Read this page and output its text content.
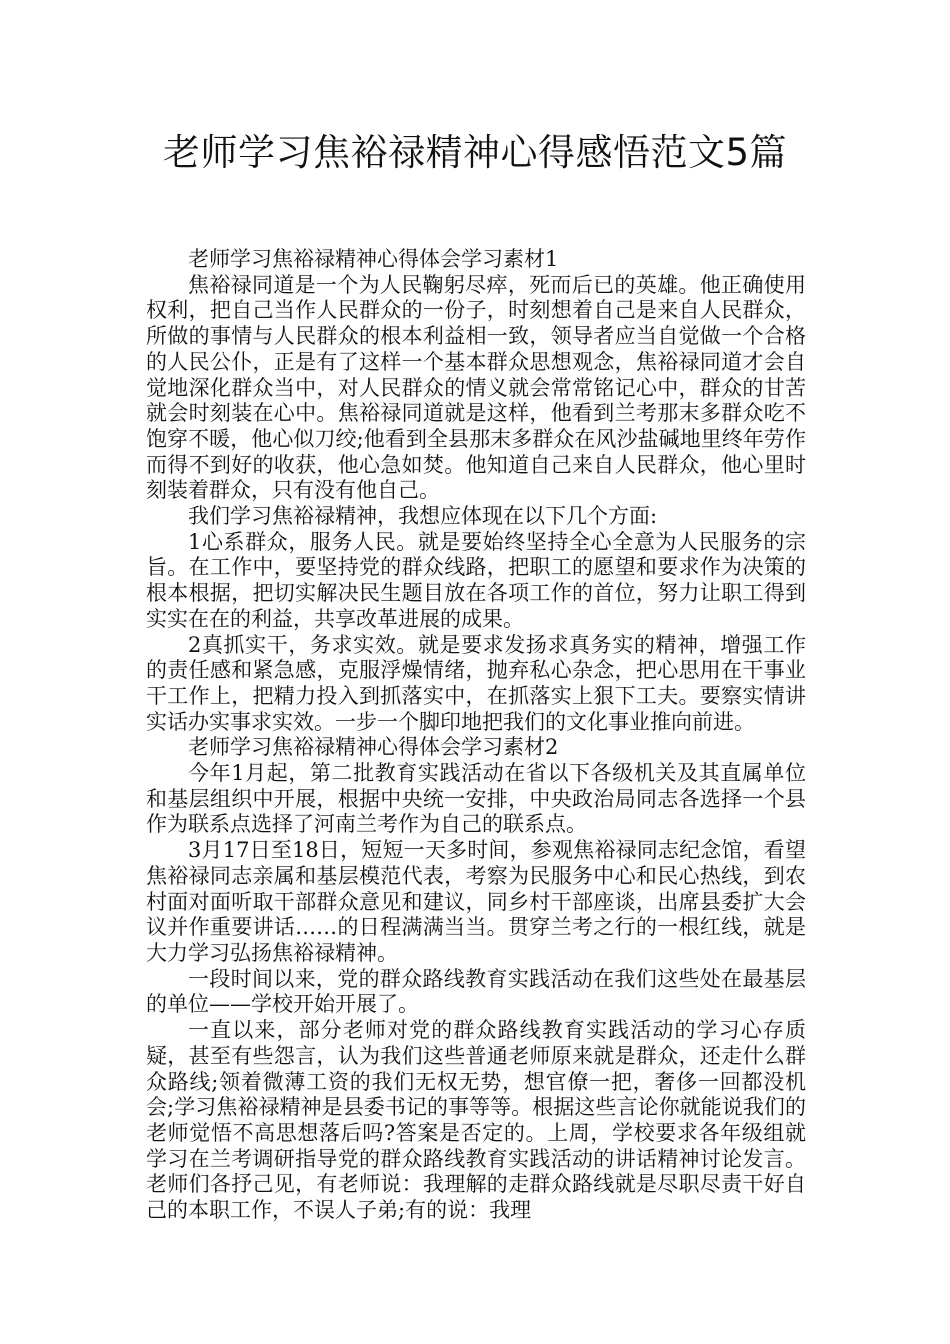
老师学习焦裕禄精神心得感悟范文5篇

老师学习焦裕禄精神心得体会学习素材1

焦裕禄同道是一个为人民鞠躬尽瘁，死而后已的英雄。他正确使用权利，把自己当作人民群众的一份子，时刻想着自己是来自人民群众，所做的事情与人民群众的根本利益相一致，领导者应当自觉做一个合格的人民公仆，正是有了这样一个基本群众思想观念，焦裕禄同道才会自觉地深化群众当中，对人民群众的情义就会常常铭记心中，群众的甘苦就会时刻装在心中。焦裕禄同道就是这样，他看到兰考那末多群众吃不饱穿不暖，他心似刀绞;他看到全县那末多群众在风沙盐碱地里终年劳作而得不到好的收获，他心急如焚。他知道自己来自人民群众，他心里时刻装着群众，只有没有他自己。

我们学习焦裕禄精神，我想应体现在以下几个方面:

1心系群众，服务人民。就是要始终坚持全心全意为人民服务的宗旨。在工作中，要坚持党的群众线路，把职工的愿望和要求作为决策的根本根据，把切实解决民生题目放在各项工作的首位，努力让职工得到实实在在的利益，共享改革进展的成果。

2真抓实干，务求实效。就是要求发扬求真务实的精神，增强工作的责任感和紧急感，克服浮燥情绪，抛弃私心杂念，把心思用在干事业干工作上，把精力投入到抓落实中，在抓落实上狠下工夫。要察实情讲实话办实事求实效。一步一个脚印地把我们的文化事业推向前进。

老师学习焦裕禄精神心得体会学习素材2

今年1月起，第二批教育实践活动在省以下各级机关及其直属单位和基层组织中开展，根据中央统一安排，中央政治局同志各选择一个县作为联系点选择了河南兰考作为自己的联系点。

3月17日至18日，短短一天多时间，参观焦裕禄同志纪念馆，看望焦裕禄同志亲属和基层模范代表，考察为民服务中心和民心热线，到农村面对面听取干部群众意见和建议，同乡村干部座谈，出席县委扩大会议并作重要讲话……的日程满满当当。贯穿兰考之行的一根红线，就是大力学习弘扬焦裕禄精神。

一段时间以来，党的群众路线教育实践活动在我们这些处在最基层的单位——学校开始开展了。

一直以来，部分老师对党的群众路线教育实践活动的学习心存质疑，甚至有些怨言，认为我们这些普通老师原来就是群众，还走什么群众路线;领着微薄工资的我们无权无势，想官僚一把，奢侈一回都没机会;学习焦裕禄精神是县委书记的事等等。根据这些言论你就能说我们的老师觉悟不高思想落后吗?答案是否定的。上周，学校要求各年级组就学习在兰考调研指导党的群众路线教育实践活动的讲话精神讨论发言。老师们各抒己见，有老师说：我理解的走群众路线就是尽职尽责干好自己的本职工作，不误人子弟;有的说：我理
